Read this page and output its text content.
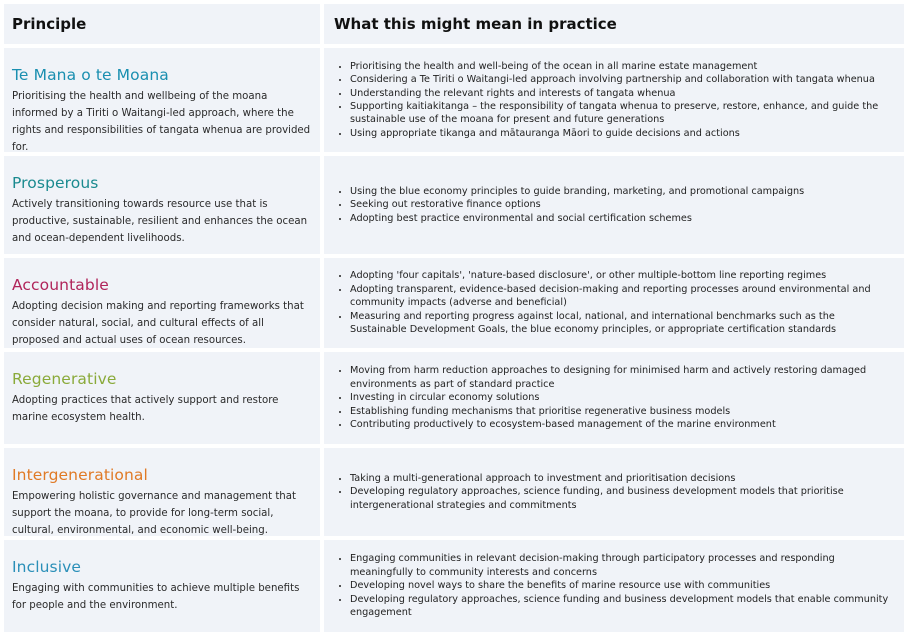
Principle	What this might mean in practice
Te Mana o te Moana
Prioritising the health and wellbeing of the moana informed by a Tiriti o Waitangi-led approach, where the rights and responsibilities of tangata whenua are provided for.
• Prioritising the health and well-being of the ocean in all marine estate management
• Considering a Te Tiriti o Waitangi-led approach involving partnership and collaboration with tangata whenua
• Understanding the relevant rights and interests of tangata whenua
• Supporting kaitiakitanga – the responsibility of tangata whenua to preserve, restore, enhance, and guide the sustainable use of the moana for present and future generations
• Using appropriate tikanga and mātauranga Māori to guide decisions and actions
Prosperous
Actively transitioning towards resource use that is productive, sustainable, resilient and enhances the ocean and ocean-dependent livelihoods.
• Using the blue economy principles to guide branding, marketing, and promotional campaigns
• Seeking out restorative finance options
• Adopting best practice environmental and social certification schemes
Accountable
Adopting decision making and reporting frameworks that consider natural, social, and cultural effects of all proposed and actual uses of ocean resources.
• Adopting 'four capitals', 'nature-based disclosure', or other multiple-bottom line reporting regimes
• Adopting transparent, evidence-based decision-making and reporting processes around environmental and community impacts (adverse and beneficial)
• Measuring and reporting progress against local, national, and international benchmarks such as the Sustainable Development Goals, the blue economy principles, or appropriate certification standards
Regenerative
Adopting practices that actively support and restore marine ecosystem health.
• Moving from harm reduction approaches to designing for minimised harm and actively restoring damaged environments as part of standard practice
• Investing in circular economy solutions
• Establishing funding mechanisms that prioritise regenerative business models
• Contributing productively to ecosystem-based management of the marine environment
Intergenerational
Empowering holistic governance and management that support the moana, to provide for long-term social, cultural, environmental, and economic well-being.
• Taking a multi-generational approach to investment and prioritisation decisions
• Developing regulatory approaches, science funding, and business development models that prioritise intergenerational strategies and commitments
Inclusive
Engaging with communities to achieve multiple benefits for people and the environment.
• Engaging communities in relevant decision-making through participatory processes and responding meaningfully to community interests and concerns
• Developing novel ways to share the benefits of marine resource use with communities
• Developing regulatory approaches, science funding and business development models that enable community engagement
